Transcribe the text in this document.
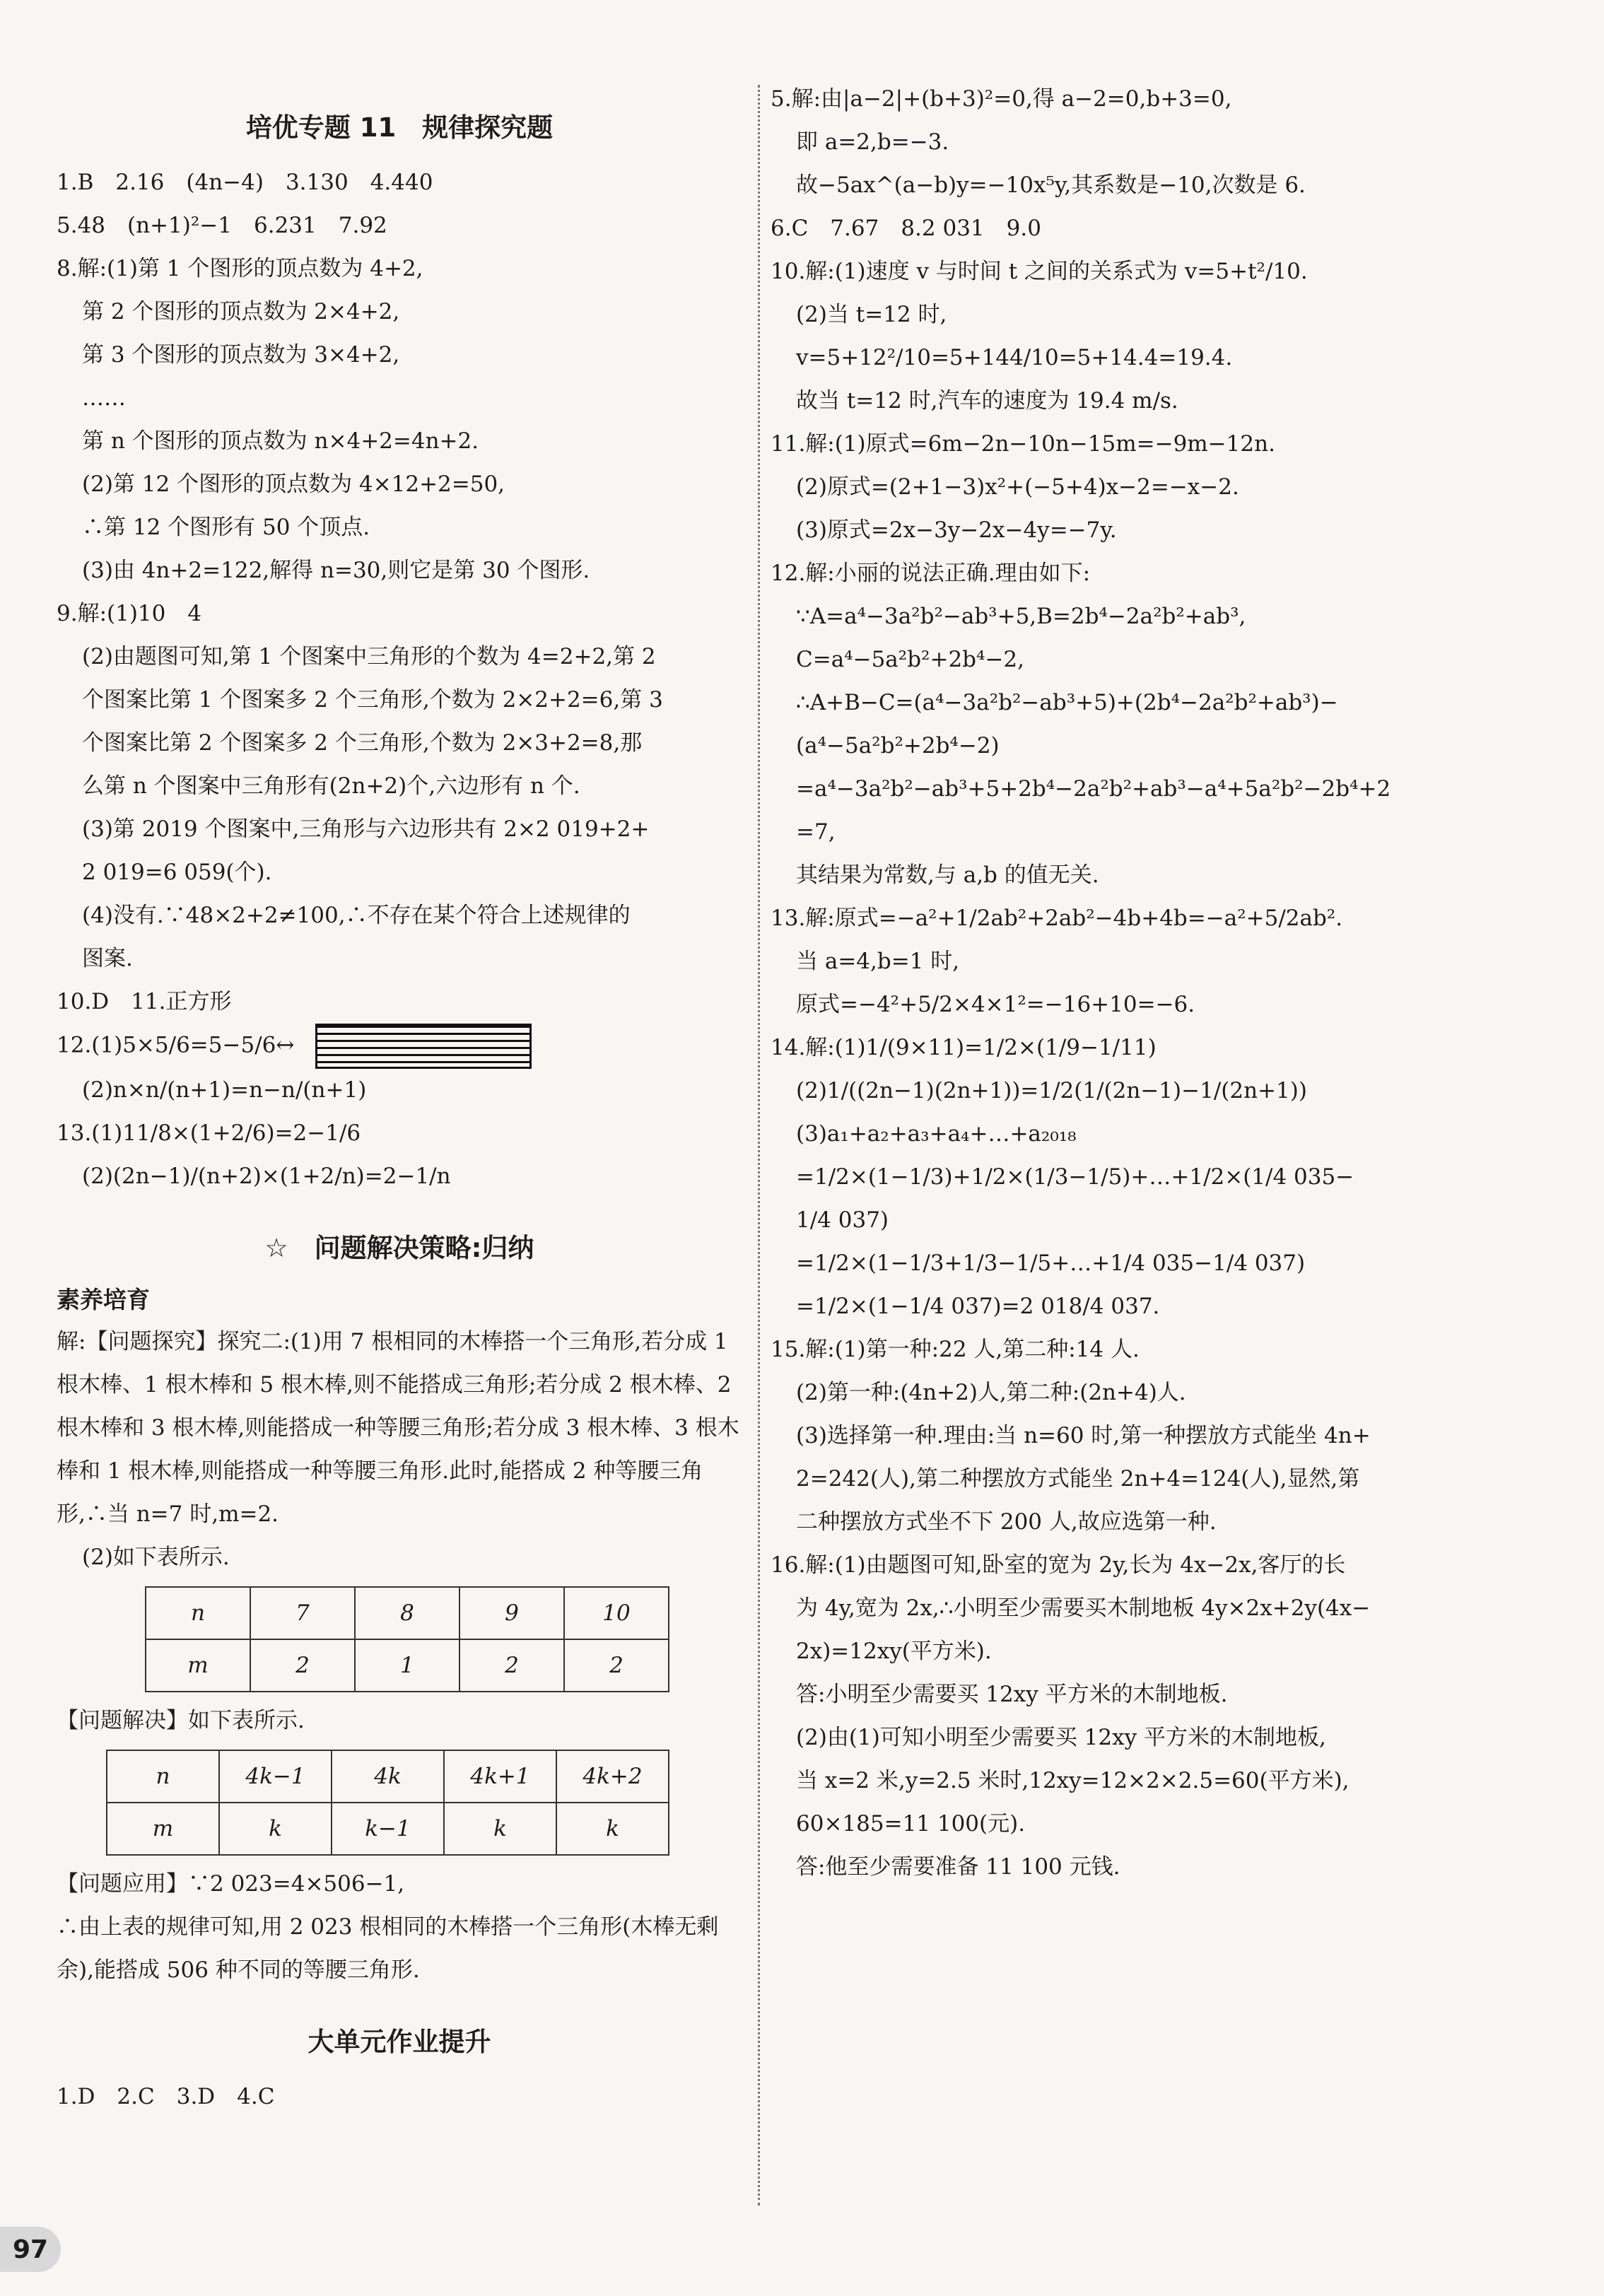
培优专题 11　规律探究题
1.B　2.16　(4n−4)　3.130　4.440
5.48　(n+1)²−1　6.231　7.92
8.解:(1)第 1 个图形的顶点数为 4+2,
第 2 个图形的顶点数为 2×4+2,
第 3 个图形的顶点数为 3×4+2,
……
第 n 个图形的顶点数为 n×4+2=4n+2.
(2)第 12 个图形的顶点数为 4×12+2=50,
∴第 12 个图形有 50 个顶点.
(3)由 4n+2=122,解得 n=30,则它是第 30 个图形.
9.解:(1)10　4
(2)由题图可知,第 1 个图案中三角形的个数为 4=2+2,第 2
个图案比第 1 个图案多 2 个三角形,个数为 2×2+2=6,第 3
个图案比第 2 个图案多 2 个三角形,个数为 2×3+2=8,那
么第 n 个图案中三角形有(2n+2)个,六边形有 n 个.
(3)第 2019 个图案中,三角形与六边形共有 2×2 019+2+
2 019=6 059(个).
(4)没有.∵48×2+2≠100,∴不存在某个符合上述规律的
图案.
10.D　11.正方形
12.(1)5×5/6=5−5/6↔
(2)n×n/(n+1)=n−n/(n+1)
13.(1)11/8×(1+2/6)=2−1/6
(2)(2n−1)/(n+2)×(1+2/n)=2−1/n
☆　问题解决策略:归纳
素养培育
解:【问题探究】探究二:(1)用 7 根相同的木棒搭一个三角形,若分成 1 根木棒、1 根木棒和 5 根木棒,则不能搭成三角形;若分成 2 根木棒、2 根木棒和 3 根木棒,则能搭成一种等腰三角形;若分成 3 根木棒、3 根木棒和 1 根木棒,则能搭成一种等腰三角形.此时,能搭成 2 种等腰三角形,∴当 n=7 时,m=2.
(2)如下表所示.
n	7	8	9	10
m	2	1	2	2
【问题解决】如下表所示.
n	4k−1	4k	4k+1	4k+2
m	k	k−1	k	k
【问题应用】∵2 023=4×506−1,
∴由上表的规律可知,用 2 023 根相同的木棒搭一个三角形(木棒无剩余),能搭成 506 种不同的等腰三角形.
大单元作业提升
1.D　2.C　3.D　4.C
5.解:由|a−2|+(b+3)²=0,得 a−2=0,b+3=0,
即 a=2,b=−3.
故−5ax^(a−b)y=−10x⁵y,其系数是−10,次数是 6.
6.C　7.67　8.2 031　9.0
10.解:(1)速度 v 与时间 t 之间的关系式为 v=5+t²/10.
(2)当 t=12 时,
v=5+12²/10=5+144/10=5+14.4=19.4.
故当 t=12 时,汽车的速度为 19.4 m/s.
11.解:(1)原式=6m−2n−10n−15m=−9m−12n.
(2)原式=(2+1−3)x²+(−5+4)x−2=−x−2.
(3)原式=2x−3y−2x−4y=−7y.
12.解:小丽的说法正确.理由如下:
∵A=a⁴−3a²b²−ab³+5,B=2b⁴−2a²b²+ab³,
C=a⁴−5a²b²+2b⁴−2,
∴A+B−C=(a⁴−3a²b²−ab³+5)+(2b⁴−2a²b²+ab³)−
(a⁴−5a²b²+2b⁴−2)
=a⁴−3a²b²−ab³+5+2b⁴−2a²b²+ab³−a⁴+5a²b²−2b⁴+2
=7,
其结果为常数,与 a,b 的值无关.
13.解:原式=−a²+1/2ab²+2ab²−4b+4b=−a²+5/2ab².
当 a=4,b=1 时,
原式=−4²+5/2×4×1²=−16+10=−6.
14.解:(1)1/(9×11)=1/2×(1/9−1/11)
(2)1/((2n−1)(2n+1))=1/2(1/(2n−1)−1/(2n+1))
(3)a₁+a₂+a₃+a₄+…+a₂₀₁₈
=1/2×(1−1/3)+1/2×(1/3−1/5)+…+1/2×(1/4 035−
1/4 037)
=1/2×(1−1/3+1/3−1/5+…+1/4 035−1/4 037)
=1/2×(1−1/4 037)=2 018/4 037.
15.解:(1)第一种:22 人,第二种:14 人.
(2)第一种:(4n+2)人,第二种:(2n+4)人.
(3)选择第一种.理由:当 n=60 时,第一种摆放方式能坐 4n+
2=242(人),第二种摆放方式能坐 2n+4=124(人),显然,第
二种摆放方式坐不下 200 人,故应选第一种.
16.解:(1)由题图可知,卧室的宽为 2y,长为 4x−2x,客厅的长
为 4y,宽为 2x,∴小明至少需要买木制地板 4y×2x+2y(4x−
2x)=12xy(平方米).
答:小明至少需要买 12xy 平方米的木制地板.
(2)由(1)可知小明至少需要买 12xy 平方米的木制地板,
当 x=2 米,y=2.5 米时,12xy=12×2×2.5=60(平方米),
60×185=11 100(元).
答:他至少需要准备 11 100 元钱.
97
